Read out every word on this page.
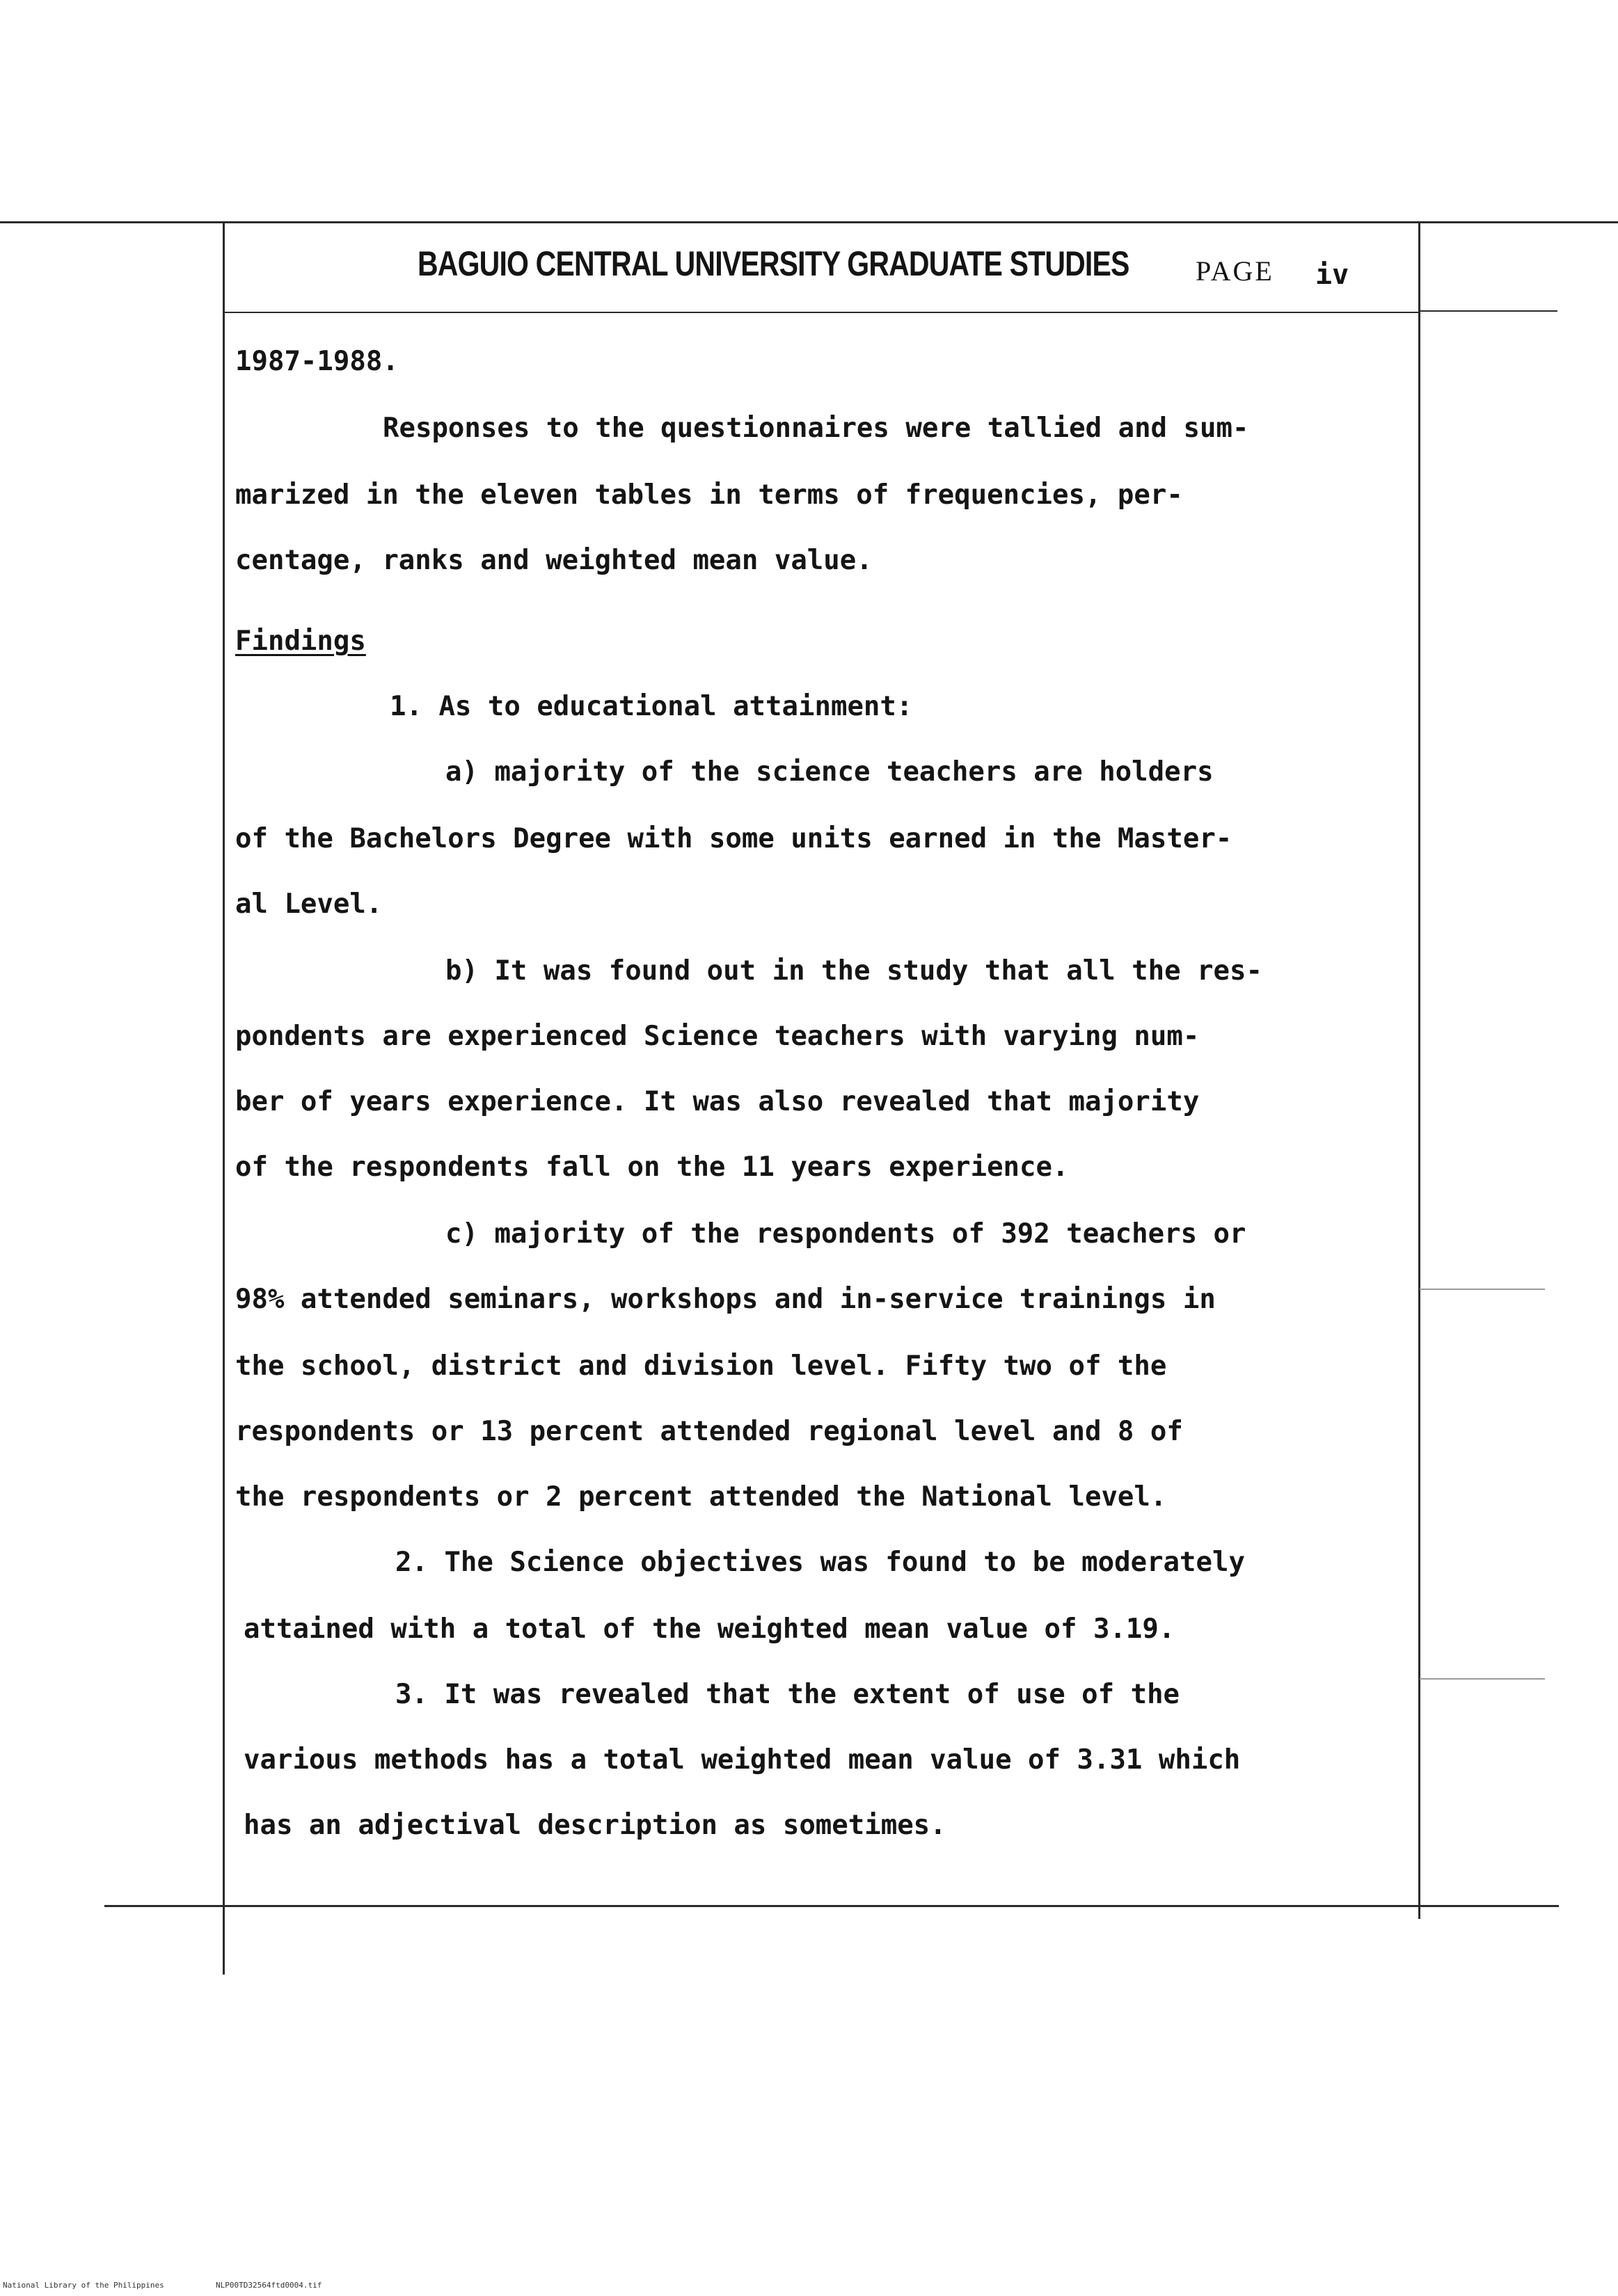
BAGUIO CENTRAL UNIVERSITY GRADUATE STUDIES PAGE iv
1987-1988.
Responses to the questionnaires were tallied and sum-
marized in the eleven tables in terms of frequencies, per-
centage, ranks and weighted mean value.
Findings
1. As to educational attainment:
a) majority of the science teachers are holders
of the Bachelors Degree with some units earned in the Master-
al Level.
b) It was found out in the study that all the res-
pondents are experienced Science teachers with varying num-
ber of years experience. It was also revealed that majority
of the respondents fall on the 11 years experience.
c) majority of the respondents of 392 teachers or
98% attended seminars, workshops and in-service trainings in
the school, district and division level. Fifty two of the
respondents or 13 percent attended regional level and 8 of
the respondents or 2 percent attended the National level.
2. The Science objectives was found to be moderately
attained with a total of the weighted mean value of 3.19.
3. It was revealed that the extent of use of the
various methods has a total weighted mean value of 3.31 which
has an adjectival description as sometimes.
National Library of the Philippines	NLP00TD32564ftd0004.tif
